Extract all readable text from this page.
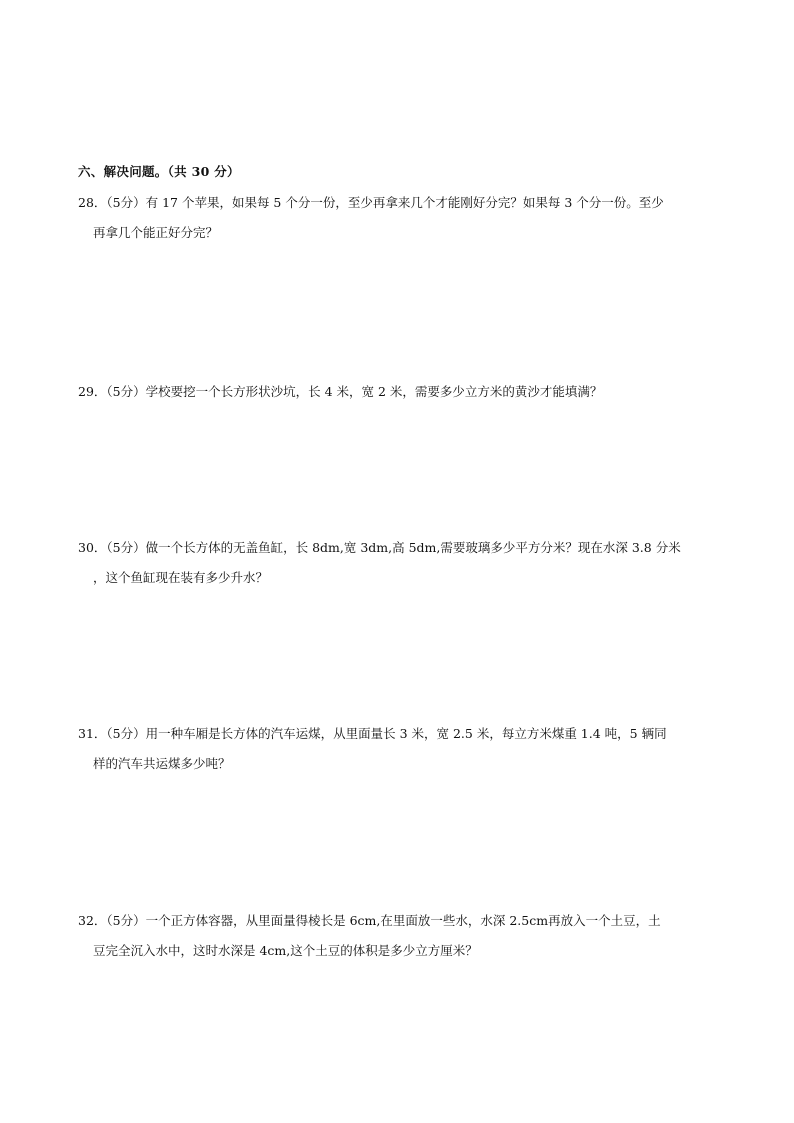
六、解决问题。（共 30 分）
28．（5分）有 17 个苹果，如果每 5 个分一份，至少再拿来几个才能刚好分完？如果每 3 个分一份。至少
再拿几个能正好分完？
29．（5分）学校要挖一个长方形状沙坑，长 4 米，宽 2 米，需要多少立方米的黄沙才能填满？
30．（5分）做一个长方体的无盖鱼缸，长 8dm,宽 3dm,高 5dm,需要玻璃多少平方分米？现在水深 3.8 分米
，这个鱼缸现在装有多少升水？
31．（5分）用一种车厢是长方体的汽车运煤，从里面量长 3 米，宽 2.5 米，每立方米煤重 1.4 吨，5 辆同
样的汽车共运煤多少吨？
32．（5分）一个正方体容器，从里面量得棱长是 6cm,在里面放一些水，水深 2.5cm再放入一个土豆，土
豆完全沉入水中，这时水深是 4cm,这个土豆的体积是多少立方厘米？
